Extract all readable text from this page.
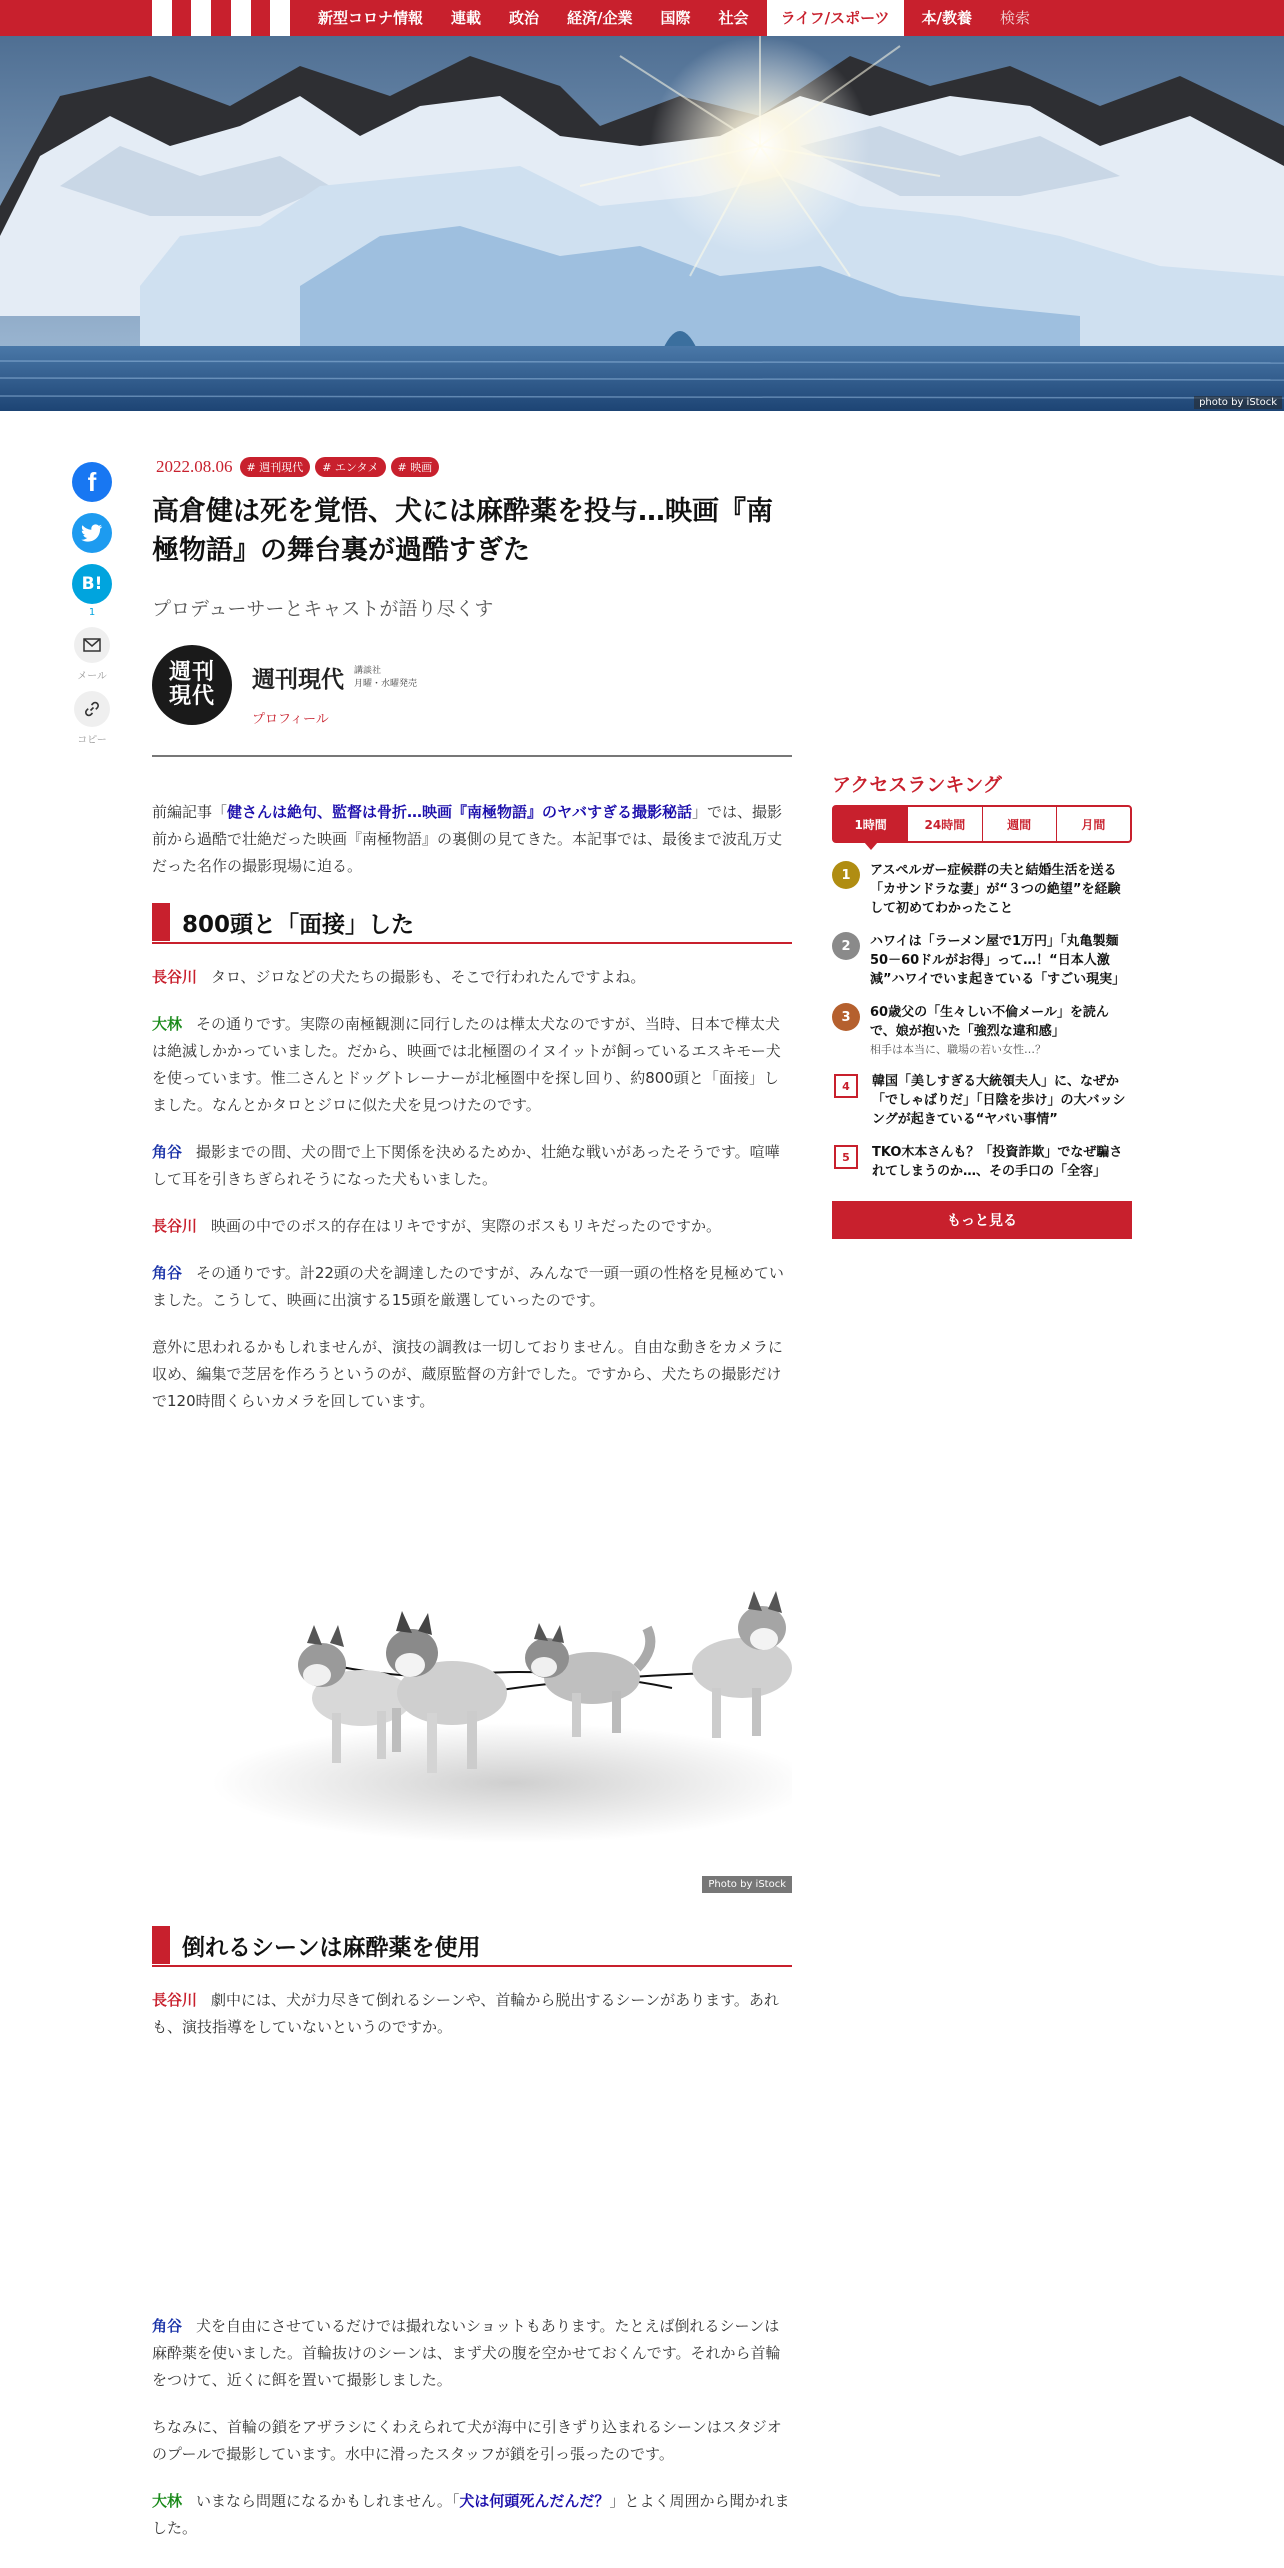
新型コロナ情報	連載	政治	経済/企業	国際	社会	ライフ/スポーツ	本/教養	検索
photo by iStock
f
B!
1
メール
コピー
2022.08.06	# 週刊現代	# エンタメ	# 映画
高倉健は死を覚悟、犬には麻酔薬を投与…映画『南極物語』の舞台裏が過酷すぎた
プロデューサーとキャストが語り尽くす
週刊
現代
週刊現代 講談社
月曜・水曜発売
プロフィール

前編記事「健さんは絶句、監督は骨折…映画『南極物語』のヤバすぎる撮影秘話」では、撮影前から過酷で壮絶だった映画『南極物語』の裏側の見てきた。本記事では、最後まで波乱万丈だった名作の撮影現場に迫る。

800頭と「面接」した

長谷川 タロ、ジロなどの犬たちの撮影も、そこで行われたんですよね。

大林 その通りです。実際の南極観測に同行したのは樺太犬なのですが、当時、日本で樺太犬は絶滅しかかっていました。だから、映画では北極圏のイヌイットが飼っているエスキモー犬を使っています。惟二さんとドッグトレーナーが北極圏中を探し回り、約800頭と「面接」しました。なんとかタロとジロに似た犬を見つけたのです。

角谷 撮影までの間、犬の間で上下関係を決めるためか、壮絶な戦いがあったそうです。喧嘩して耳を引きちぎられそうになった犬もいました。

長谷川 映画の中でのボス的存在はリキですが、実際のボスもリキだったのですか。

角谷 その通りです。計22頭の犬を調達したのですが、みんなで一頭一頭の性格を見極めていました。こうして、映画に出演する15頭を厳選していったのです。

意外に思われるかもしれませんが、演技の調教は一切しておりません。自由な動きをカメラに収め、編集で芝居を作ろうというのが、蔵原監督の方針でした。ですから、犬たちの撮影だけで120時間くらいカメラを回しています。

Photo by iStock
倒れるシーンは麻酔薬を使用

長谷川 劇中には、犬が力尽きて倒れるシーンや、首輪から脱出するシーンがあります。あれも、演技指導をしていないというのですか。

角谷 犬を自由にさせているだけでは撮れないショットもあります。たとえば倒れるシーンは麻酔薬を使いました。首輪抜けのシーンは、まず犬の腹を空かせておくんです。それから首輪をつけて、近くに餌を置いて撮影しました。

ちなみに、首輪の鎖をアザラシにくわえられて犬が海中に引きずり込まれるシーンはスタジオのプールで撮影しています。水中に滑ったスタッフが鎖を引っ張ったのです。

大林 いまなら問題になるかもしれません。「犬は何頭死んだんだ？」とよく周囲から聞かれました。

アクセスランキング
1時間	24時間	週間	月間
1	アスペルガー症候群の夫と結婚生活を送る「カサンドラな妻」が“３つの絶望”を経験して初めてわかったこと
2	ハワイは「ラーメン屋で1万円」「丸亀製麺50－60ドルがお得」って…！“日本人激減”ハワイでいま起きている「すごい現実」
3	60歳父の「生々しい不倫メール」を読んで、娘が抱いた「強烈な違和感」
相手は本当に、職場の若い女性…？
4	韓国「美しすぎる大統領夫人」に、なぜか「でしゃばりだ」「日陰を歩け」の大バッシングが起きている“ヤバい事情”
5	TKO木本さんも？「投資詐欺」でなぜ騙されてしまうのか…、その手口の「全容」
もっと見る
